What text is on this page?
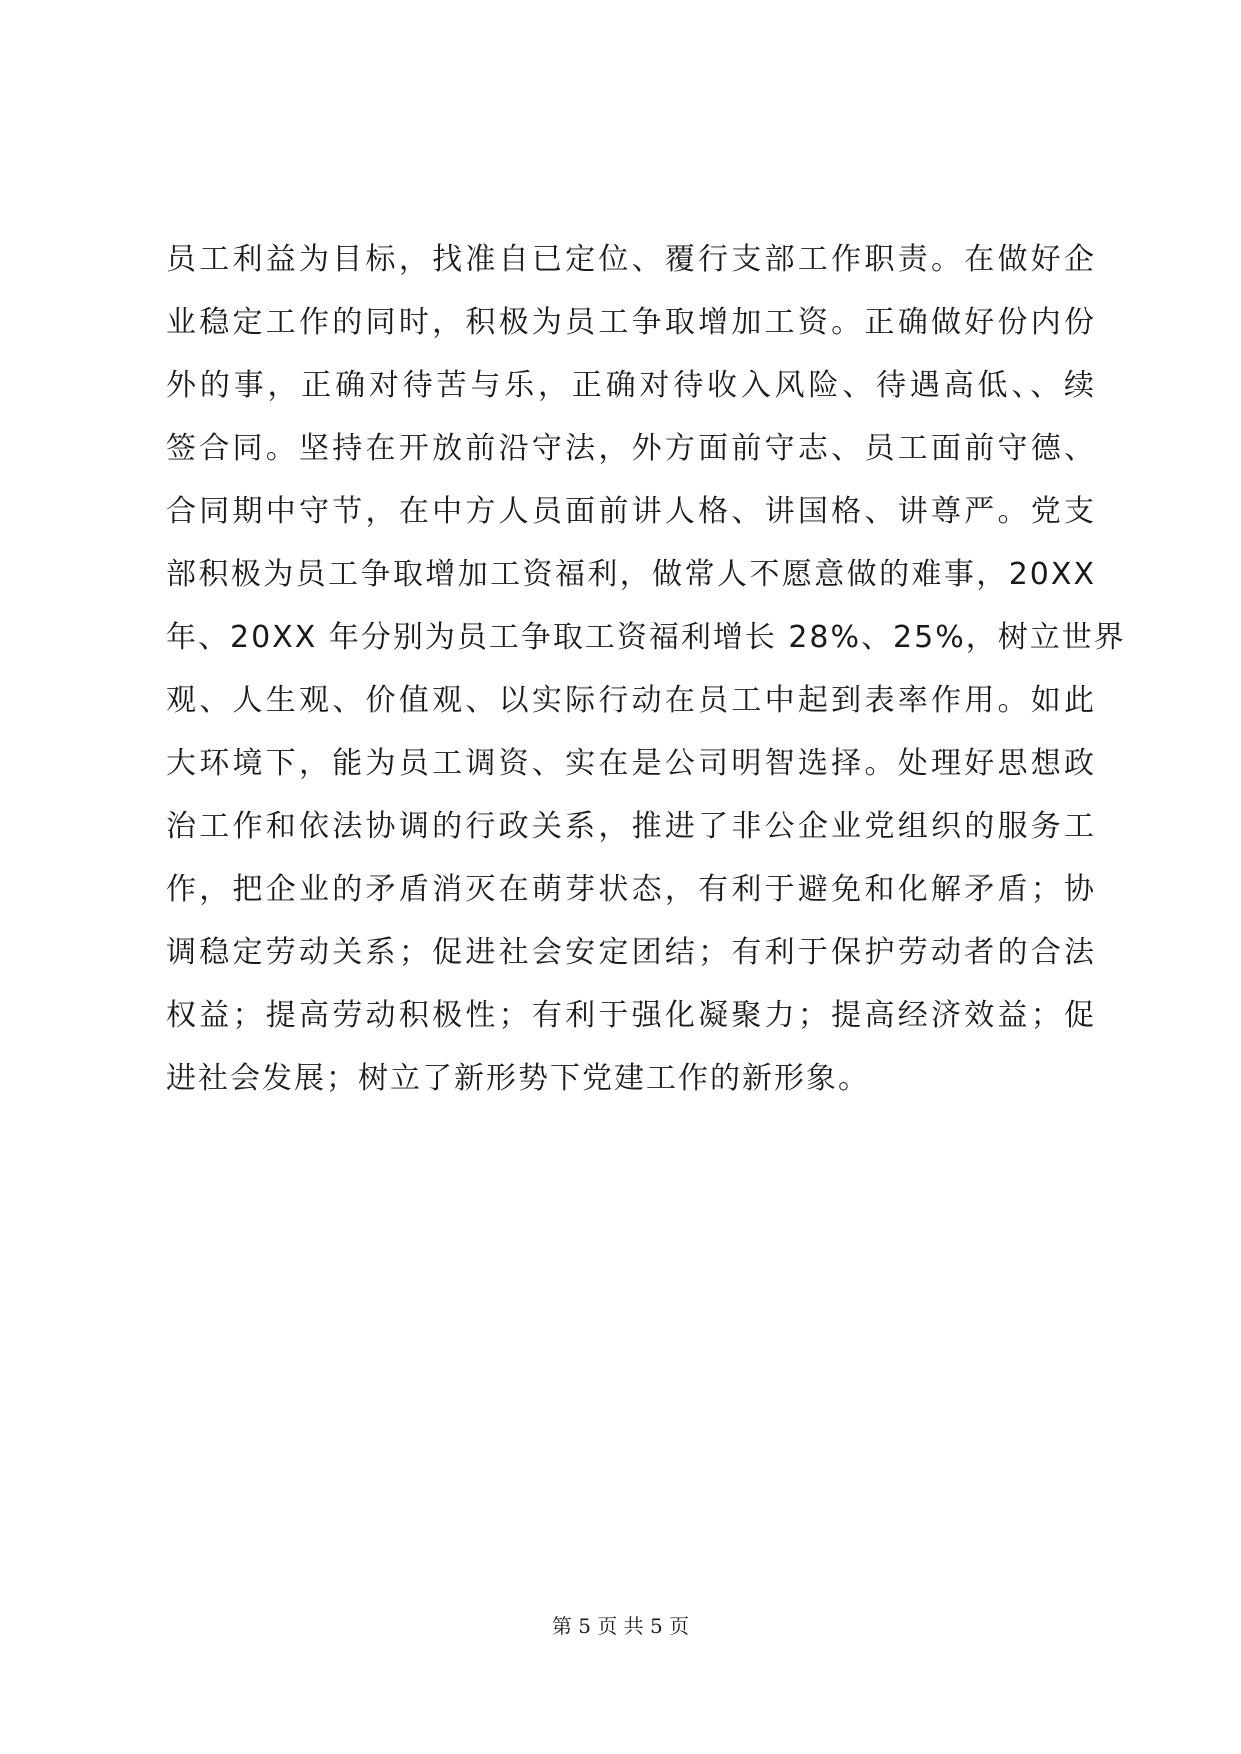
员工利益为目标，找准自已定位、覆行支部工作职责。在做好企
业稳定工作的同时，积极为员工争取增加工资。正确做好份内份
外的事，正确对待苦与乐，正确对待收入风险、待遇高低、、续
签合同。坚持在开放前沿守法，外方面前守志、员工面前守德、
合同期中守节，在中方人员面前讲人格、讲国格、讲尊严。党支
部积极为员工争取增加工资福利，做常人不愿意做的难事，20XX
年、20XX 年分别为员工争取工资福利增长 28%、25%，树立世界
观、人生观、价值观、以实际行动在员工中起到表率作用。如此
大环境下，能为员工调资、实在是公司明智选择。处理好思想政
治工作和依法协调的行政关系，推进了非公企业党组织的服务工
作，把企业的矛盾消灭在萌芽状态，有利于避免和化解矛盾；协
调稳定劳动关系；促进社会安定团结；有利于保护劳动者的合法
权益；提高劳动积极性；有利于强化凝聚力；提高经济效益；促
进社会发展；树立了新形势下党建工作的新形象。
第 5 页 共 5 页
